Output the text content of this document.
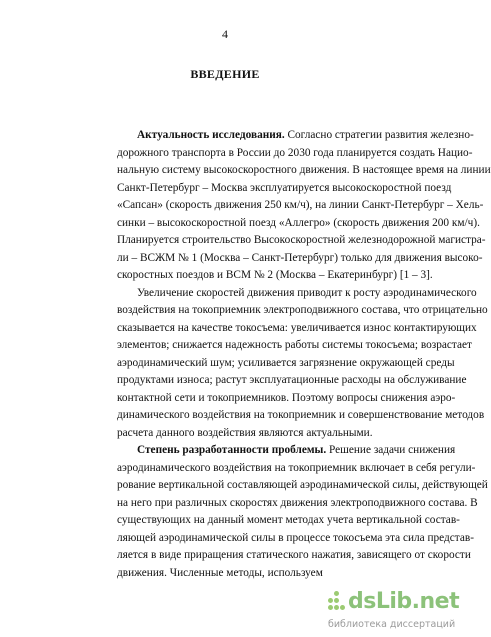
4
ВВЕДЕНИЕ
Актуальность исследования. Согласно стратегии развития железно-
дорожного транспорта в России до 2030 года планируется создать Нацио-
нальную систему высокоскоростного движения. В настоящее время на линии
Санкт-Петербург – Москва эксплуатируется высокоскоростной поезд
«Сапсан» (скорость движения 250 км/ч), на линии Санкт-Петербург – Хель-
синки – высокоскоростной поезд «Аллегро» (скорость движения 200 км/ч).
Планируется строительство Высокоскоростной железнодорожной магистра-
ли – ВСЖМ № 1 (Москва – Санкт-Петербург) только для движения высоко-
скоростных поездов и ВСМ № 2 (Москва – Екатеринбург) [1 – 3].
Увеличение скоростей движения приводит к росту аэродинамического
воздействия на токоприемник электроподвижного состава, что отрицательно
сказывается на качестве токосъема: увеличивается износ контактирующих
элементов; снижается надежность работы системы токосъема; возрастает
аэродинамический шум; усиливается загрязнение окружающей среды
продуктами износа; растут эксплуатационные расходы на обслуживание
контактной сети и токоприемников. Поэтому вопросы снижения аэро-
динамического воздействия на токоприемник и совершенствование методов
расчета данного воздействия являются актуальными.
Степень разработанности проблемы. Решение задачи снижения
аэродинамического воздействия на токоприемник включает в себя регули-
рование вертикальной составляющей аэродинамической силы, действующей
на него при различных скоростях движения электроподвижного состава. В
существующих на данный момент методах учета вертикальной состав-
ляющей аэродинамической силы в процессе токосъема эта сила представ-
ляется в виде приращения статического нажатия, зависящего от скорости
движения. Численные методы, используем
dsLib.net
библиотека диссертаций
